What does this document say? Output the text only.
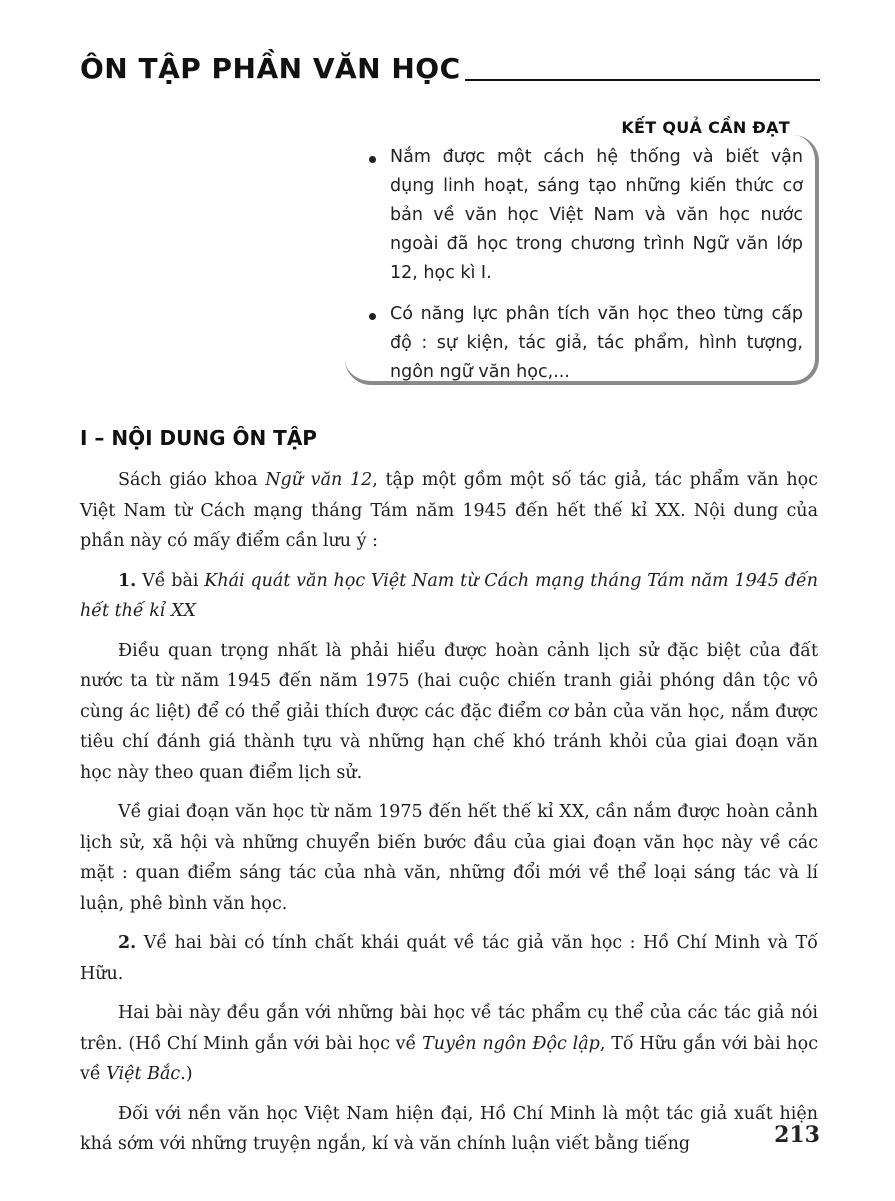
ÔN TẬP PHẦN VĂN HỌC
KẾT QUẢ CẦN ĐẠT
Nắm được một cách hệ thống và biết vận dụng linh hoạt, sáng tạo những kiến thức cơ bản về văn học Việt Nam và văn học nước ngoài đã học trong chương trình Ngữ văn lớp 12, học kì I.
Có năng lực phân tích văn học theo từng cấp độ : sự kiện, tác giả, tác phẩm, hình tượng, ngôn ngữ văn học,...
I – NỘI DUNG ÔN TẬP

Sách giáo khoa Ngữ văn 12, tập một gồm một số tác giả, tác phẩm văn học Việt Nam từ Cách mạng tháng Tám năm 1945 đến hết thế kỉ XX. Nội dung của phần này có mấy điểm cần lưu ý :

1. Về bài Khái quát văn học Việt Nam từ Cách mạng tháng Tám năm 1945 đến hết thế kỉ XX

Điều quan trọng nhất là phải hiểu được hoàn cảnh lịch sử đặc biệt của đất nước ta từ năm 1945 đến năm 1975 (hai cuộc chiến tranh giải phóng dân tộc vô cùng ác liệt) để có thể giải thích được các đặc điểm cơ bản của văn học, nắm được tiêu chí đánh giá thành tựu và những hạn chế khó tránh khỏi của giai đoạn văn học này theo quan điểm lịch sử.

Về giai đoạn văn học từ năm 1975 đến hết thế kỉ XX, cần nắm được hoàn cảnh lịch sử, xã hội và những chuyển biến bước đầu của giai đoạn văn học này về các mặt : quan điểm sáng tác của nhà văn, những đổi mới về thể loại sáng tác và lí luận, phê bình văn học.

2. Về hai bài có tính chất khái quát về tác giả văn học : Hồ Chí Minh và Tố Hữu.

Hai bài này đều gắn với những bài học về tác phẩm cụ thể của các tác giả nói trên. (Hồ Chí Minh gắn với bài học về Tuyên ngôn Độc lập, Tố Hữu gắn với bài học về Việt Bắc.)

Đối với nền văn học Việt Nam hiện đại, Hồ Chí Minh là một tác giả xuất hiện khá sớm với những truyện ngắn, kí và văn chính luận viết bằng tiếng	213
